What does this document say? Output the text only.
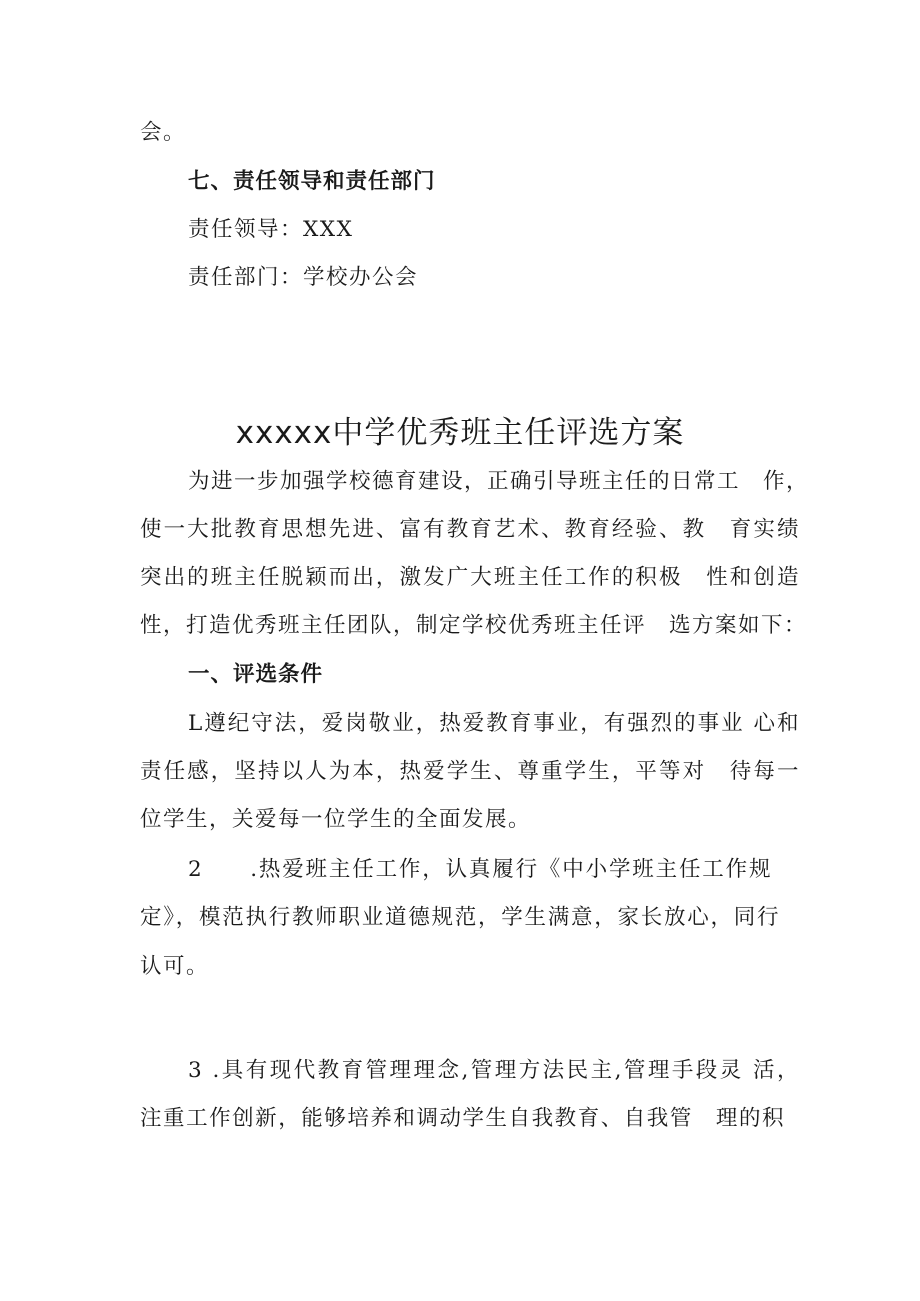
会。
七、责任领导和责任部门
责任领导：XXX
责任部门：学校办公会
xxxxx中学优秀班主任评选方案
为进一步加强学校德育建设，正确引导班主任的日常工　作，
使一大批教育思想先进、富有教育艺术、教育经验、教　育实绩
突出的班主任脱颖而出，激发广大班主任工作的积极　性和创造
性，打造优秀班主任团队，制定学校优秀班主任评　选方案如下：
一、评选条件
L遵纪守法，爱岗敬业，热爱教育事业，有强烈的事业 心和
责任感，坚持以人为本，热爱学生、尊重学生，平等对　待每一
位学生，关爱每一位学生的全面发展。
2　　.热爱班主任工作，认真履行《中小学班主任工作规
定》，模范执行教师职业道德规范，学生满意，家长放心，同行
认可。
3 .具有现代教育管理理念,管理方法民主,管理手段灵 活，
注重工作创新，能够培养和调动学生自我教育、自我管　理的积
